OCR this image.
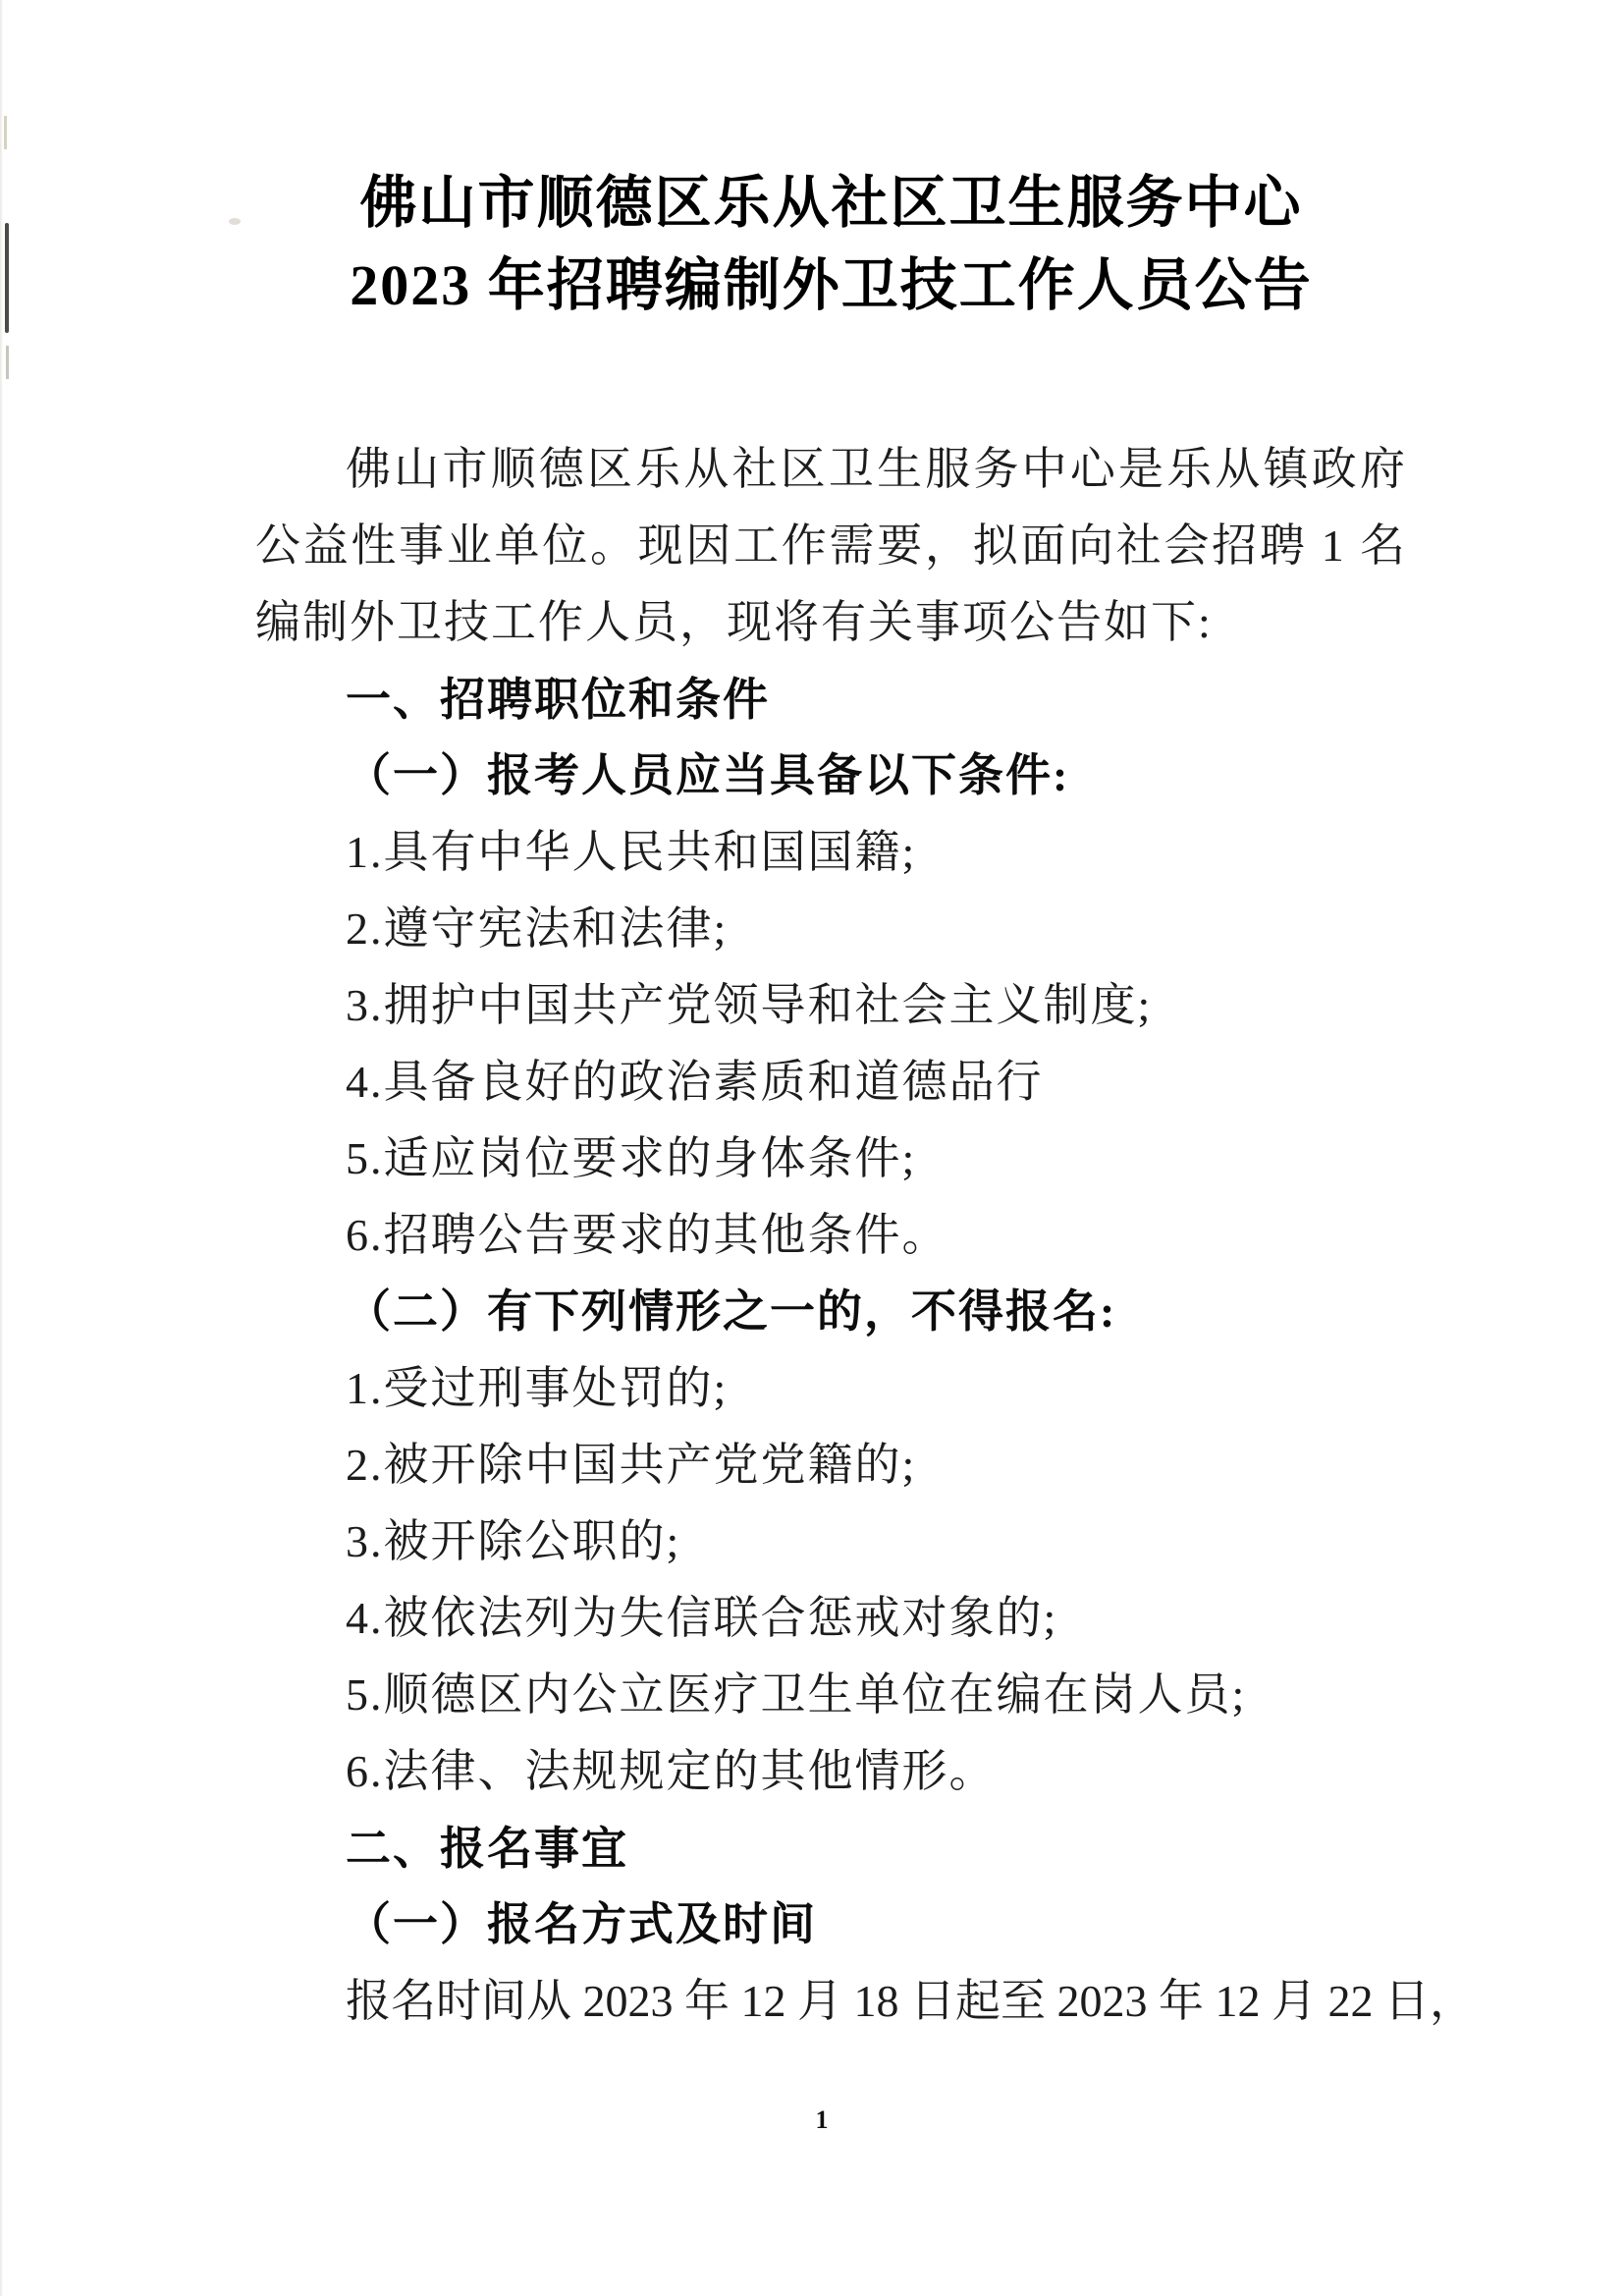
佛山市顺德区乐从社区卫生服务中心
2023 年招聘编制外卫技工作人员公告

佛山市顺德区乐从社区卫生服务中心是乐从镇政府公益性事业单位。现因工作需要，拟面向社会招聘 1 名编制外卫技工作人员，现将有关事项公告如下:

一、招聘职位和条件

（一）报考人员应当具备以下条件:

1.具有中华人民共和国国籍;

2.遵守宪法和法律;

3.拥护中国共产党领导和社会主义制度;

4.具备良好的政治素质和道德品行

5.适应岗位要求的身体条件;

6.招聘公告要求的其他条件。

（二）有下列情形之一的，不得报名:

1.受过刑事处罚的;

2.被开除中国共产党党籍的;

3.被开除公职的;

4.被依法列为失信联合惩戒对象的;

5.顺德区内公立医疗卫生单位在编在岗人员;

6.法律、法规规定的其他情形。

二、报名事宜

（一）报名方式及时间

报名时间从 2023 年 12 月 18 日起至 2023 年 12 月 22 日，

1
